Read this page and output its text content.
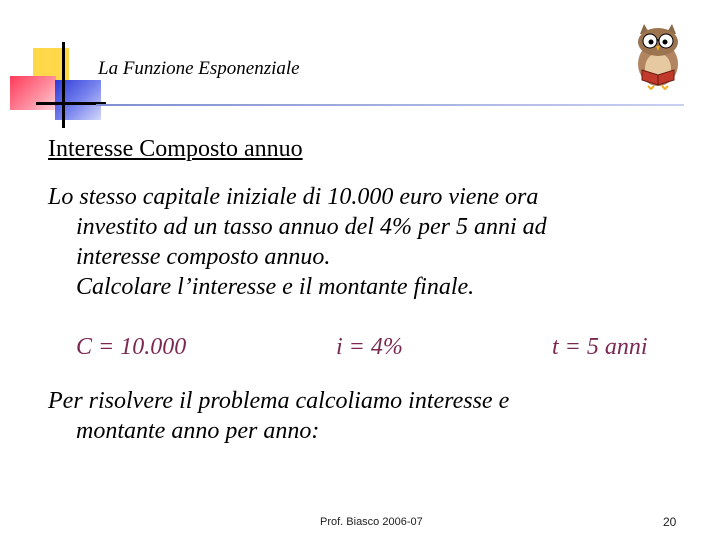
La Funzione Esponenziale
Interesse Composto annuo
Lo stesso capitale iniziale di 10.000 euro viene ora
investito ad un tasso annuo del 4% per 5 anni ad
interesse composto annuo.
Calcolare l’interesse e il montante finale.
C = 10.000	i = 4%	t = 5 anni
Per risolvere il problema calcoliamo interesse e
montante anno per anno:
Prof. Biasco 2006-07	20
